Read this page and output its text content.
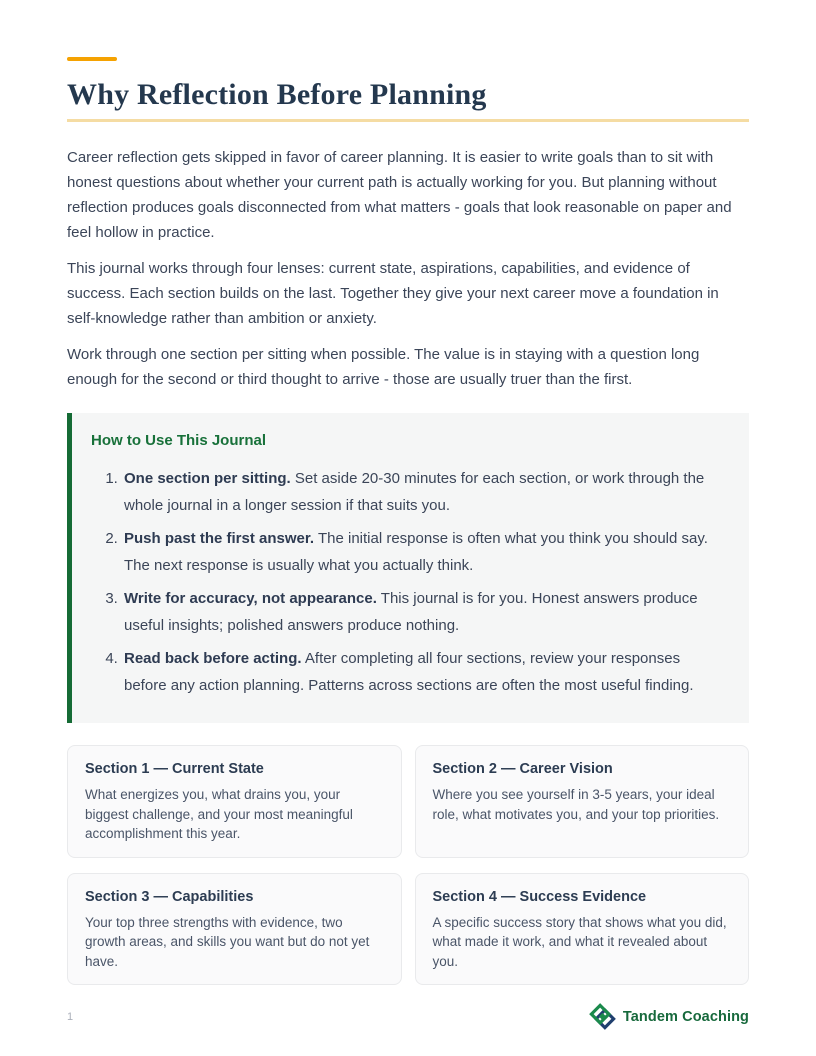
Why Reflection Before Planning

Career reflection gets skipped in favor of career planning. It is easier to write goals than to sit with honest questions about whether your current path is actually working for you. But planning without reflection produces goals disconnected from what matters - goals that look reasonable on paper and feel hollow in practice.

This journal works through four lenses: current state, aspirations, capabilities, and evidence of success. Each section builds on the last. Together they give your next career move a foundation in self-knowledge rather than ambition or anxiety.

Work through one section per sitting when possible. The value is in staying with a question long enough for the second or third thought to arrive - those are usually truer than the first.

How to Use This Journal
1. One section per sitting. Set aside 20-30 minutes for each section, or work through the whole journal in a longer session if that suits you.
2. Push past the first answer. The initial response is often what you think you should say. The next response is usually what you actually think.
3. Write for accuracy, not appearance. This journal is for you. Honest answers produce useful insights; polished answers produce nothing.
4. Read back before acting. After completing all four sections, review your responses before any action planning. Patterns across sections are often the most useful finding.
Section 1 — Current State
What energizes you, what drains you, your biggest challenge, and your most meaningful accomplishment this year.
Section 2 — Career Vision
Where you see yourself in 3-5 years, your ideal role, what motivates you, and your top priorities.
Section 3 — Capabilities
Your top three strengths with evidence, two growth areas, and skills you want but do not yet have.
Section 4 — Success Evidence
A specific success story that shows what you did, what made it work, and what it revealed about you.
1	Tandem Coaching
